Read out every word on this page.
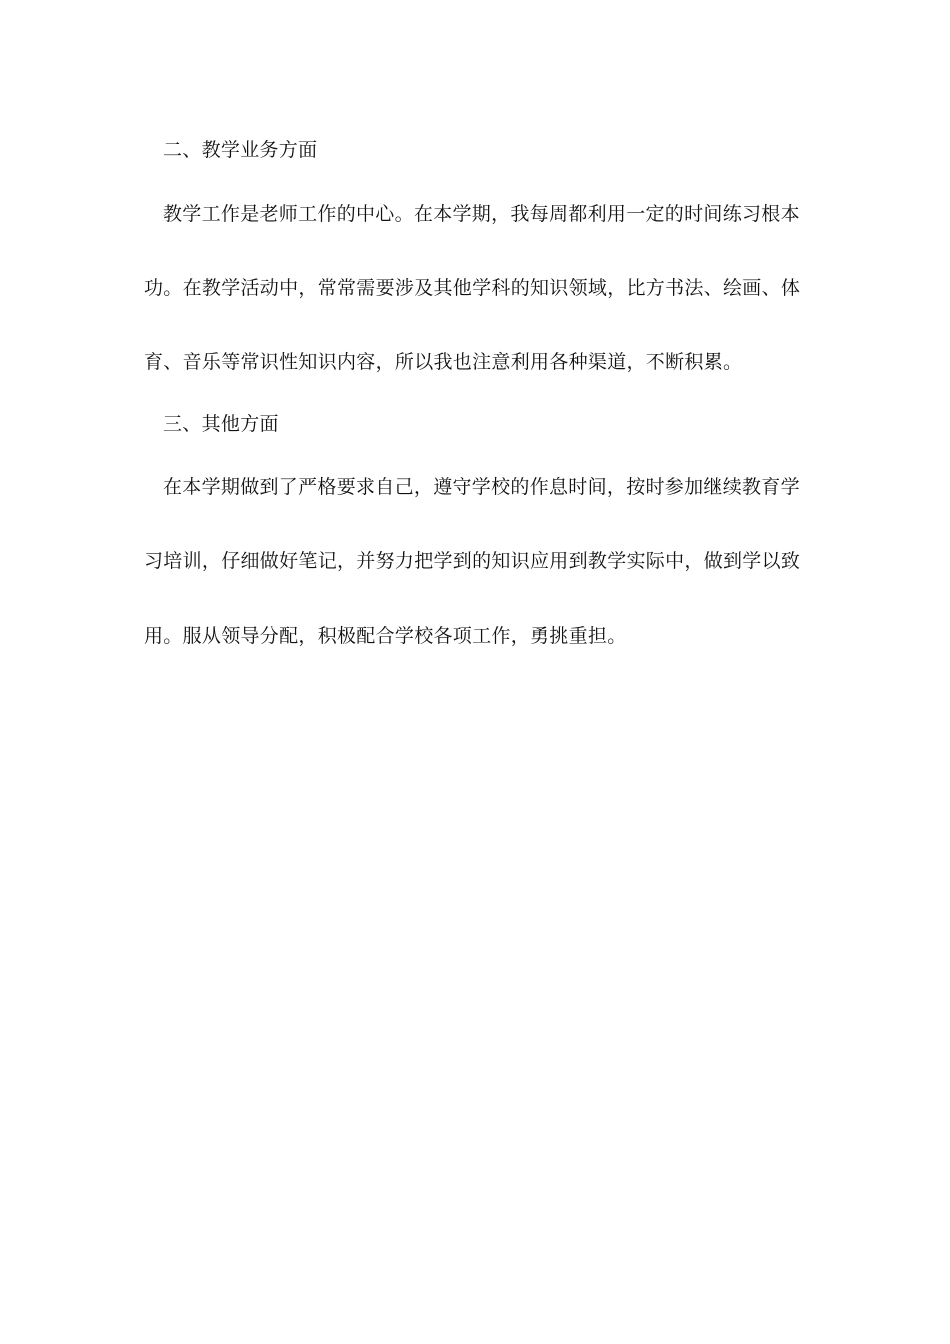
二、教学业务方面
教学工作是老师工作的中心。在本学期，我每周都利用一定的时间练习根本
功。在教学活动中，常常需要涉及其他学科的知识领域，比方书法、绘画、体
育、音乐等常识性知识内容，所以我也注意利用各种渠道，不断积累。
三、其他方面
在本学期做到了严格要求自己，遵守学校的作息时间，按时参加继续教育学
习培训，仔细做好笔记，并努力把学到的知识应用到教学实际中，做到学以致
用。服从领导分配，积极配合学校各项工作，勇挑重担。
